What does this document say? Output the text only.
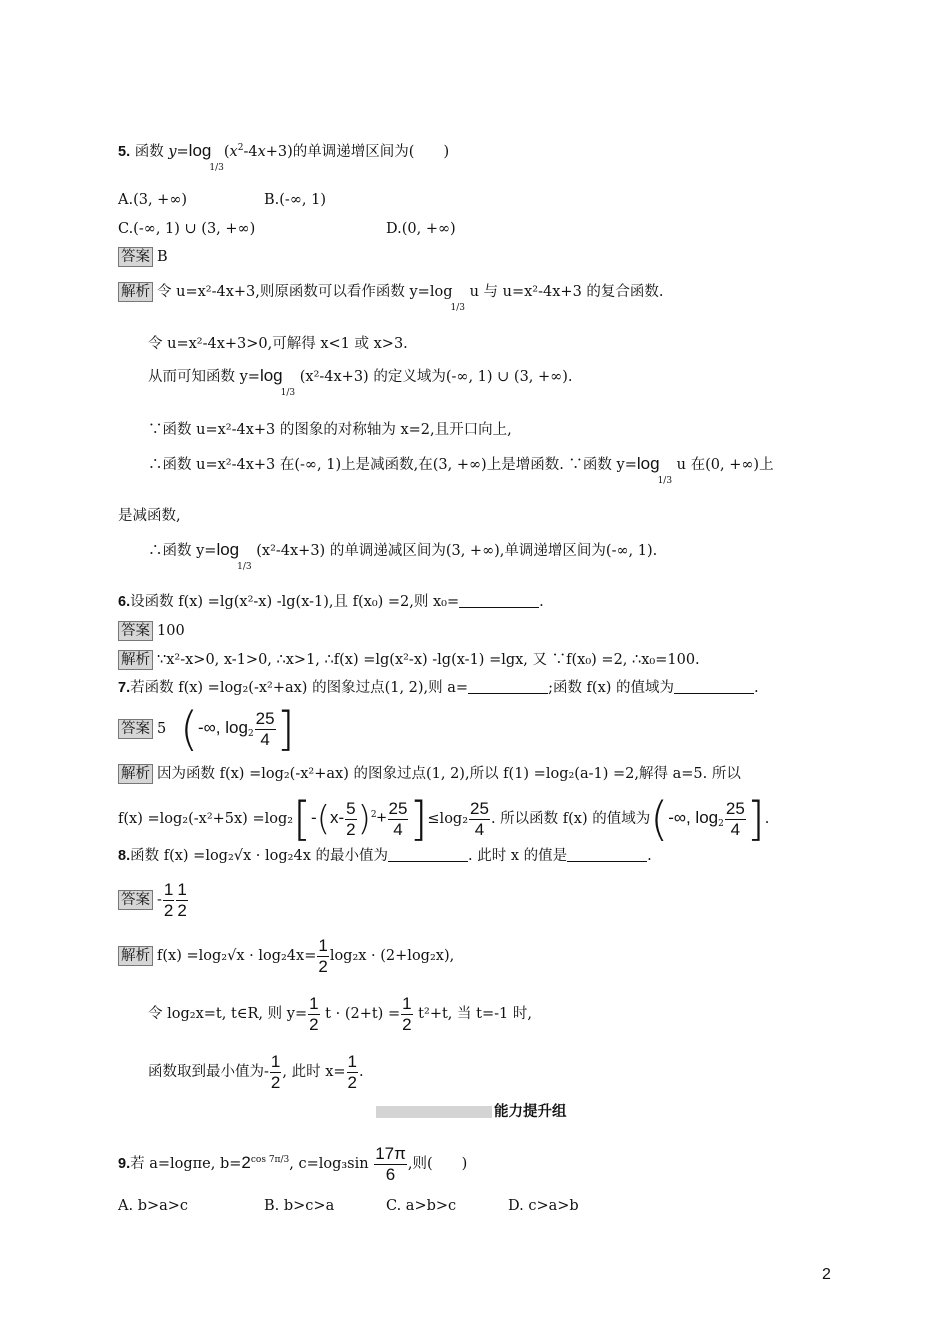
5. 函数 $y=\log 1/3(x^2-4x+3)$的单调递增区间为(　　)
A.(3, +∞)	B.(-∞, 1)
C.(-∞, 1) ∪ (3, +∞)	D.(0, +∞)
答案 B
解析 令 u=x²-4x+3,则原函数可以看作函数 y=log1/3 u 与 u=x²-4x+3 的复合函数.
令 u=x²-4x+3>0,可解得 x<1 或 x>3.
从而可知函数 y=log1/3 (x²-4x+3) 的定义域为(-∞, 1) ∪ (3, +∞).
∵函数 u=x²-4x+3 的图象的对称轴为 x=2,且开口向上,
∴函数 u=x²-4x+3 在(-∞, 1)上是减函数,在(3, +∞)上是增函数. ∵函数 y=log1/3 u 在(0, +∞)上
是减函数,
∴函数 y=log1/3 (x²-4x+3) 的单调递减区间为(3, +∞),单调递增区间为(-∞, 1).
6.设函数 f(x) =lg(x²-x) -lg(x-1),且 f(x₀) =2,则 x₀=	.
答案 100
解析 ∵x²-x>0, x-1>0, ∴x>1, ∴f(x) =lg(x²-x) -lg(x-1) =lgx, 又 ∵f(x₀) =2, ∴x₀=100.
7.若函数 f(x) =log₂(-x²+ax) 的图象过点(1, 2),则 a=	;函数 f(x) 的值域为	.
答案 5 (-∞, $\log_2 \frac{25}{4}$ ]
解析 因为函数 f(x) =log₂(-x²+ax) 的图象过点(1, 2),所以 f(1) =log₂(a-1) =2,解得 a=5. 所以
$f(x) =\log_2(-x^2+5x) =\log_2[-(x- \frac{5}{2} )^2+ \frac{25}{4} ]\le\log_2 \frac{25}{4}$ . 所以函数 f(x) 的值域为(-∞, $\log_2 \frac{25}{4}$ ].
8.函数 f(x) =log₂√x · log₂4x 的最小值为	. 此时 x 的值是	.
答案 - $\frac{1}{2} \frac{1}{2}$
解析 $f(x) =\log_2√x \cdot \log_24x= \frac{1}{2} \log_2x \cdot (2+\log_2x)$,
令 log₂x=t, t∈R, 则 $y= \frac{1}{2}$ $t \cdot (2+t) = \frac{1}{2} t^2+t$, 当 t=-1 时,
函数取到最小值为- $\frac{1}{2}$ , 此时 $x= \frac{1}{2}$ .
能力提升组
9.若 a=logπe, $b=2^{cos 7\pi/3}$, $c=\log_3\sin \frac{17\pi}{6}$ ,则(　　)
A. b>a>c	B. b>c>a	C. a>b>c	D. c>a>b
2
